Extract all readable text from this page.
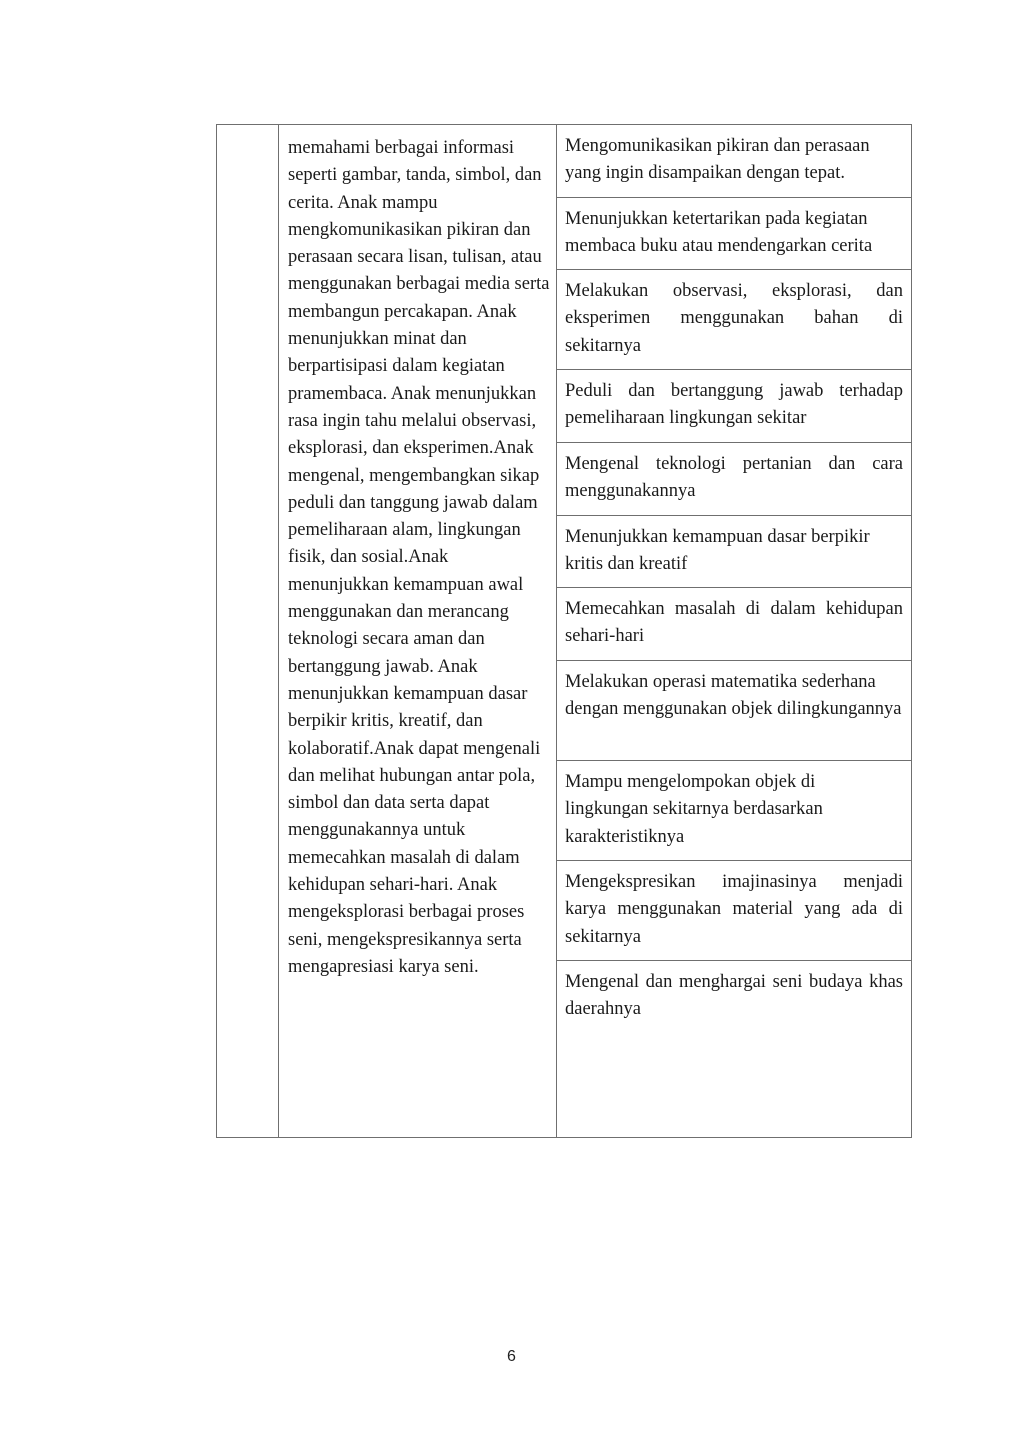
memahami berbagai informasi seperti gambar, tanda, simbol, dan cerita. Anak mampu mengkomunikasikan pikiran dan perasaan secara lisan, tulisan, atau menggunakan berbagai media serta membangun percakapan. Anak menunjukkan minat dan berpartisipasi dalam kegiatan pramembaca. Anak menunjukkan rasa ingin tahu melalui observasi, eksplorasi, dan eksperimen.Anak mengenal, mengembangkan sikap peduli dan tanggung jawab dalam pemeliharaan alam, lingkungan fisik, dan sosial.Anak menunjukkan kemampuan awal menggunakan dan merancang teknologi secara aman dan bertanggung jawab. Anak menunjukkan kemampuan dasar berpikir kritis, kreatif, dan kolaboratif.Anak dapat mengenali dan melihat hubungan antar pola, simbol dan data serta dapat menggunakannya untuk memecahkan masalah di dalam kehidupan sehari-hari. Anak mengeksplorasi berbagai proses seni, mengekspresikannya serta mengapresiasi karya seni.
Mengomunikasikan pikiran dan perasaan yang ingin disampaikan dengan tepat.
Menunjukkan ketertarikan pada kegiatan membaca buku atau mendengarkan cerita
Melakukan observasi, eksplorasi, dan eksperimen menggunakan bahan di sekitarnya
Peduli dan bertanggung jawab terhadap pemeliharaan lingkungan sekitar
Mengenal teknologi pertanian dan cara menggunakannya
Menunjukkan kemampuan dasar berpikir kritis dan kreatif
Memecahkan masalah di dalam kehidupan sehari-hari
Melakukan operasi matematika sederhana dengan menggunakan objek dilingkungannya
Mampu mengelompokan objek di lingkungan sekitarnya berdasarkan karakteristiknya
Mengekspresikan imajinasinya menjadi karya menggunakan material yang ada di sekitarnya
Mengenal dan menghargai seni budaya khas daerahnya
6
